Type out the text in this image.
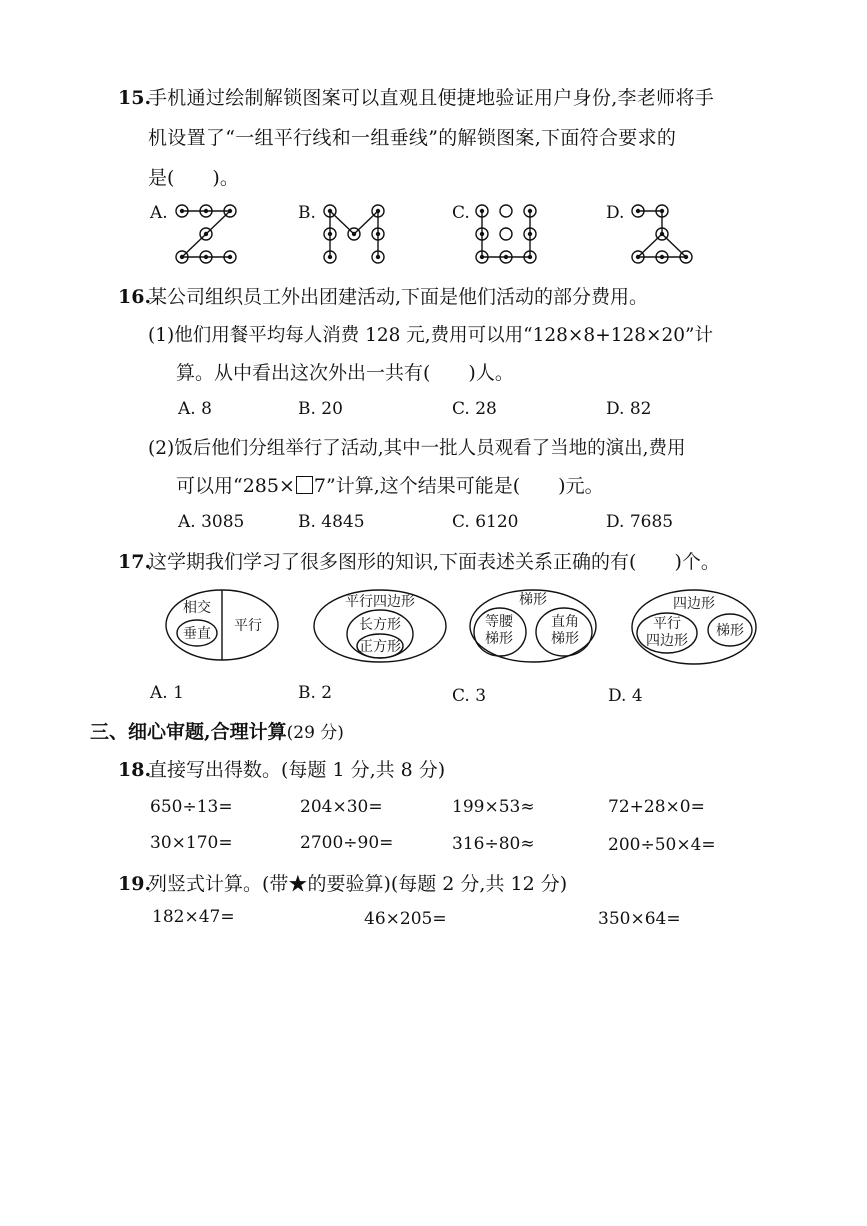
15.
手机通过绘制解锁图案可以直观且便捷地验证用户身份,李老师将手
机设置了“一组平行线和一组垂线”的解锁图案,下面符合要求的
是(　　)。
A.	B.	C.	D.
16.
某公司组织员工外出团建活动,下面是他们活动的部分费用。
(1)他们用餐平均每人消费 128 元,费用可以用“128×8+128×20”计
算。从中看出这次外出一共有(　　)人。
A. 8	B. 20	C. 28	D. 82
(2)饭后他们分组举行了活动,其中一批人员观看了当地的演出,费用
可以用“285× 7”计算,这个结果可能是(　　)元。
A. 3085	B. 4845	C. 6120	D. 7685
17.
这学期我们学习了很多图形的知识,下面表述关系正确的有(　　)个。
相交
垂直 平行
平行四边形
长方形
正方形
梯形
等腰
梯形
直角
梯形
四边形
平行
四边形
梯形
A. 1	B. 2	C. 3	D. 4
三、细心审题,合理计算(29 分)
18.
直接写出得数。(每题 1 分,共 8 分)
650÷13=	204×30=	199×53≈	72+28×0=
30×170=	2700÷90=	316÷80≈	200÷50×4=
19.
列竖式计算。(带★的要验算)(每题 2 分,共 12 分)
182×47=	46×205=	350×64=
